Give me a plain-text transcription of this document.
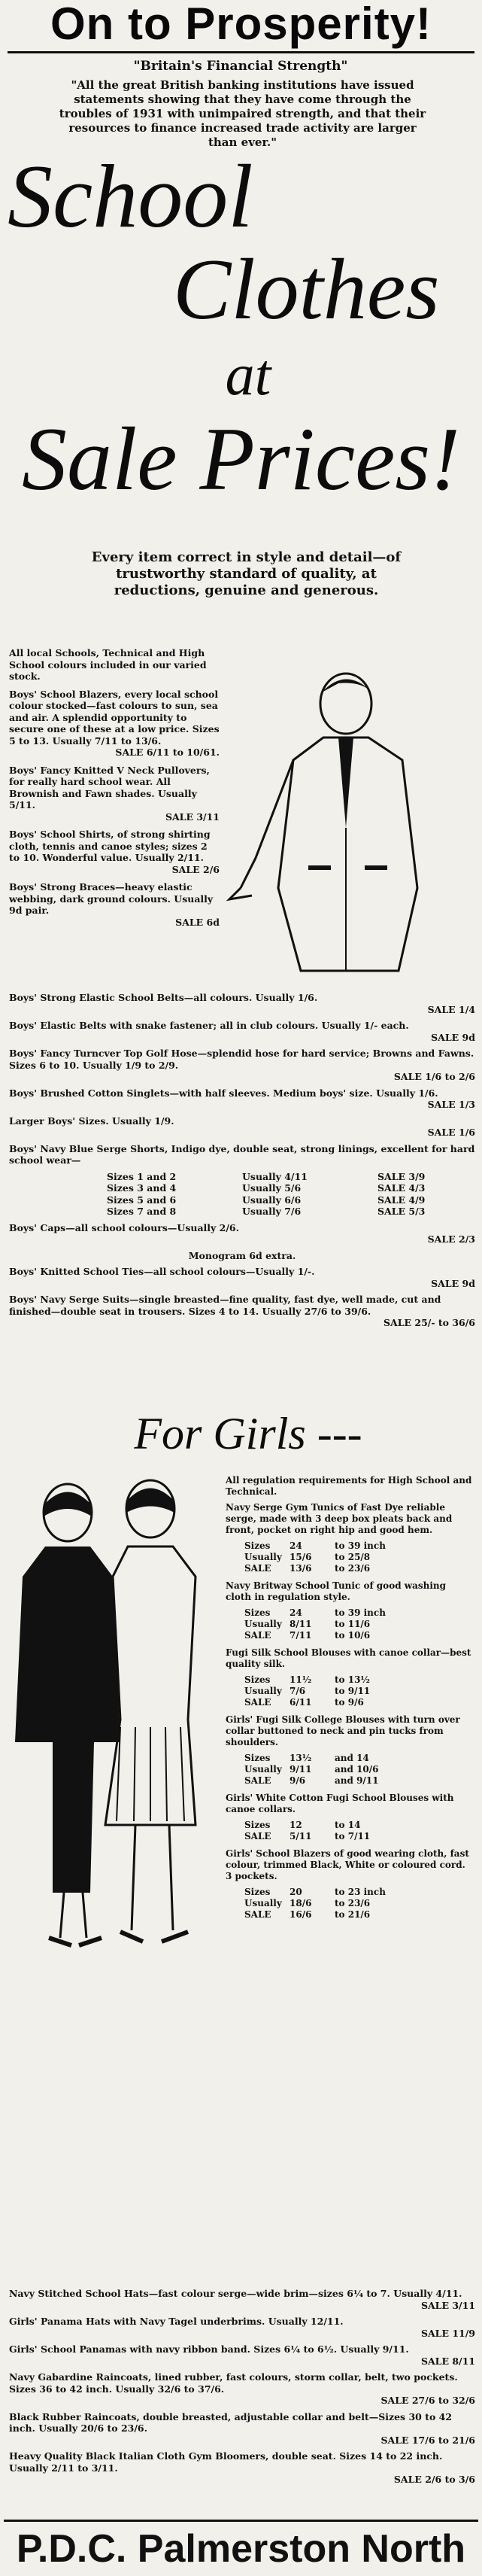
On to Prosperity!
"Britain's Financial Strength"
"All the great British banking institutions have issued statements showing that they have come through the troubles of 1931 with unimpaired strength, and that their resources to finance increased trade activity are larger than ever."
School
Clothes
at
Sale Prices!
Every item correct in style and detail—of trustworthy standard of quality, at reductions, genuine and generous.

All local Schools, Technical and High School colours included in our varied stock.

Boys' School Blazers, every local school colour stocked—fast colours to sun, sea and air. A splendid opportunity to secure one of these at a low price. Sizes 5 to 13. Usually 7/11 to 13/6.
SALE 6/11 to 10/61.

Boys' Fancy Knitted V Neck Pullovers, for really hard school wear. All Brownish and Fawn shades. Usually 5/11.
SALE 3/11

Boys' School Shirts, of strong shirting cloth, tennis and canoe styles; sizes 2 to 10. Wonderful value. Usually 2/11.
SALE 2/6

Boys' Strong Braces—heavy elastic webbing, dark ground colours. Usually 9d pair.
SALE 6d

Boys' Strong Elastic School Belts—all colours. Usually 1/6.
SALE 1/4

Boys' Elastic Belts with snake fastener; all in club colours. Usually 1/- each.
SALE 9d

Boys' Fancy Turncver Top Golf Hose—splendid hose for hard service; Browns and Fawns. Sizes 6 to 10. Usually 1/9 to 2/9.
SALE 1/6 to 2/6

Boys' Brushed Cotton Singlets—with half sleeves. Medium boys' size. Usually 1/6.
SALE 1/3

Larger Boys' Sizes. Usually 1/9.
SALE 1/6

Boys' Navy Blue Serge Shorts, Indigo dye, double seat, strong linings, excellent for hard school wear—

Sizes 1 and 2	Usually 4/11	SALE 3/9
Sizes 3 and 4	Usually 5/6	SALE 4/3
Sizes 5 and 6	Usually 6/6	SALE 4/9
Sizes 7 and 8	Usually 7/6	SALE 5/3

Boys' Caps—all school colours—Usually 2/6.
SALE 2/3

Monogram 6d extra.

Boys' Knitted School Ties—all school colours—Usually 1/-.
SALE 9d

Boys' Navy Serge Suits—single breasted—fine quality, fast dye, well made, cut and finished—double seat in trousers. Sizes 4 to 14. Usually 27/6 to 39/6.
SALE 25/- to 36/6

For Girls ---

All regulation requirements for High School and Technical.

Navy Serge Gym Tunics of Fast Dye reliable serge, made with 3 deep box pleats back and front, pocket on right hip and good hem.

Sizes	24	to 39 inch
Usually 15/6	to 25/8
SALE	13/6	to 23/6

Navy Britway School Tunic of good washing cloth in regulation style.

Sizes	24	to 39 inch
Usually 8/11	to 11/6
SALE	7/11	to 10/6

Fugi Silk School Blouses with canoe collar—best quality silk.

Sizes	11½	to 13½
Usually 7/6	to 9/11
SALE	6/11	to 9/6

Girls' Fugi Silk College Blouses with turn over collar buttoned to neck and pin tucks from shoulders.

Sizes	13½	and 14
Usually 9/11	and 10/6
SALE	9/6	and 9/11

Girls' White Cotton Fugi School Blouses with canoe collars.

Sizes	12	to 14
SALE	5/11	to 7/11

Girls' School Blazers of good wearing cloth, fast colour, trimmed Black, White or coloured cord. 3 pockets.

Sizes	20	to 23 inch
Usually 18/6	to 23/6
SALE	16/6	to 21/6

Navy Stitched School Hats—fast colour serge—wide brim—sizes 6¼ to 7. Usually 4/11.
SALE 3/11

Girls' Panama Hats with Navy Tagel underbrims. Usually 12/11.
SALE 11/9

Girls' School Panamas with navy ribbon band. Sizes 6¼ to 6½. Usually 9/11.
SALE 8/11

Navy Gabardine Raincoats, lined rubber, fast colours, storm collar, belt, two pockets. Sizes 36 to 42 inch. Usually 32/6 to 37/6.
SALE 27/6 to 32/6

Black Rubber Raincoats, double breasted, adjustable collar and belt—Sizes 30 to 42 inch. Usually 20/6 to 23/6.
SALE 17/6 to 21/6

Heavy Quality Black Italian Cloth Gym Bloomers, double seat. Sizes 14 to 22 inch. Usually 2/11 to 3/11.
SALE 2/6 to 3/6

P.D.C. Palmerston North
